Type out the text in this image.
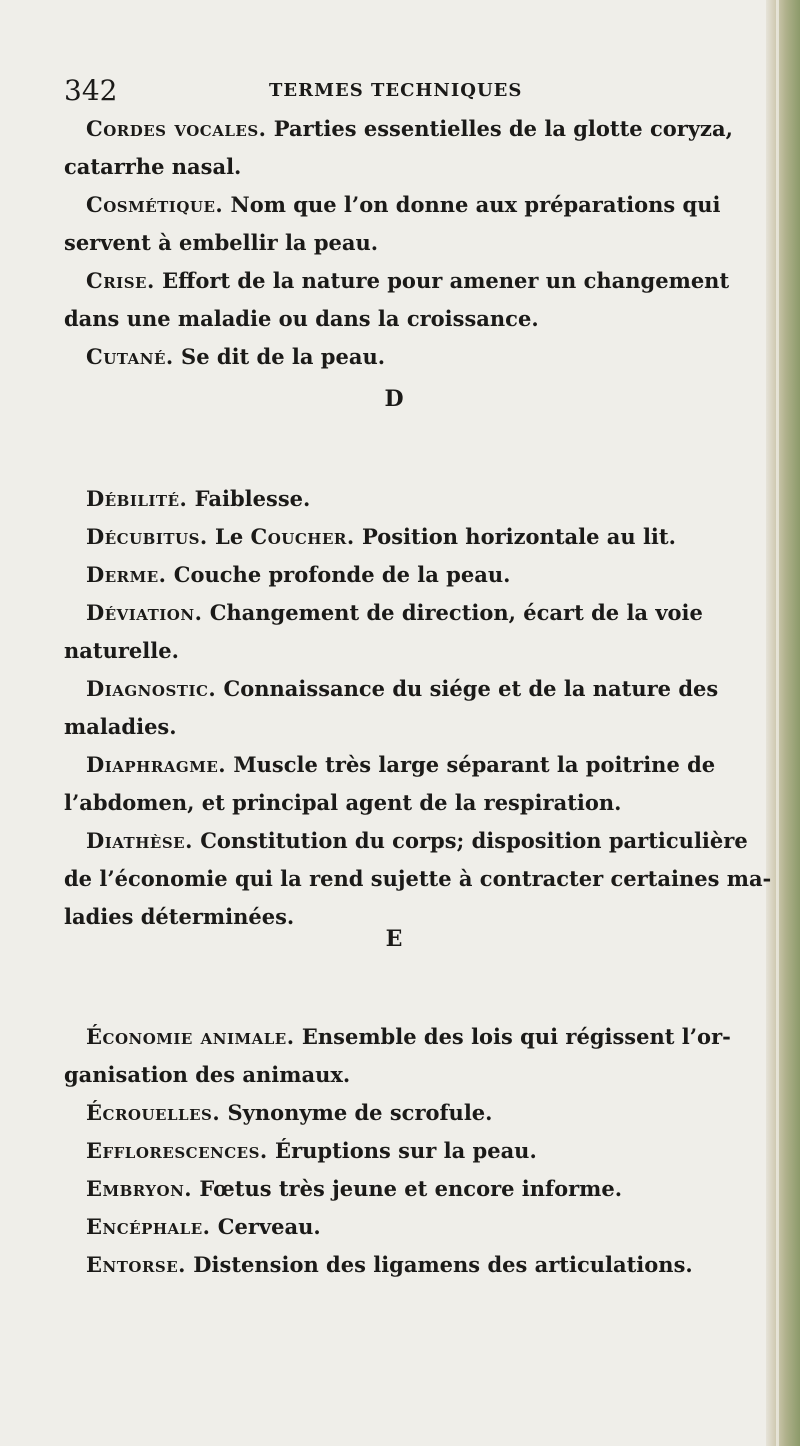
342	TERMES TECHNIQUES
Cordes vocales. Parties essentielles de la glotte coryza,
catarrhe nasal.
Cosmétique. Nom que l’on donne aux préparations qui
servent à embellir la peau.
Crise. Effort de la nature pour amener un changement
dans une maladie ou dans la croissance.
Cutané. Se dit de la peau.
D
Débilité. Faiblesse.
Décubitus. Le Coucher. Position horizontale au lit.
Derme. Couche profonde de la peau.
Déviation. Changement de direction, écart de la voie
naturelle.
Diagnostic. Connaissance du siége et de la nature des
maladies.
Diaphragme. Muscle très large séparant la poitrine de
l’abdomen, et principal agent de la respiration.
Diathèse. Constitution du corps; disposition particulière
de l’économie qui la rend sujette à contracter certaines ma-
ladies déterminées.
E
Économie animale. Ensemble des lois qui régissent l’or-
ganisation des animaux.
Écrouelles. Synonyme de scrofule.
Efflorescences. Éruptions sur la peau.
Embryon. Fœtus très jeune et encore informe.
Encéphale. Cerveau.
Entorse. Distension des ligamens des articulations.
